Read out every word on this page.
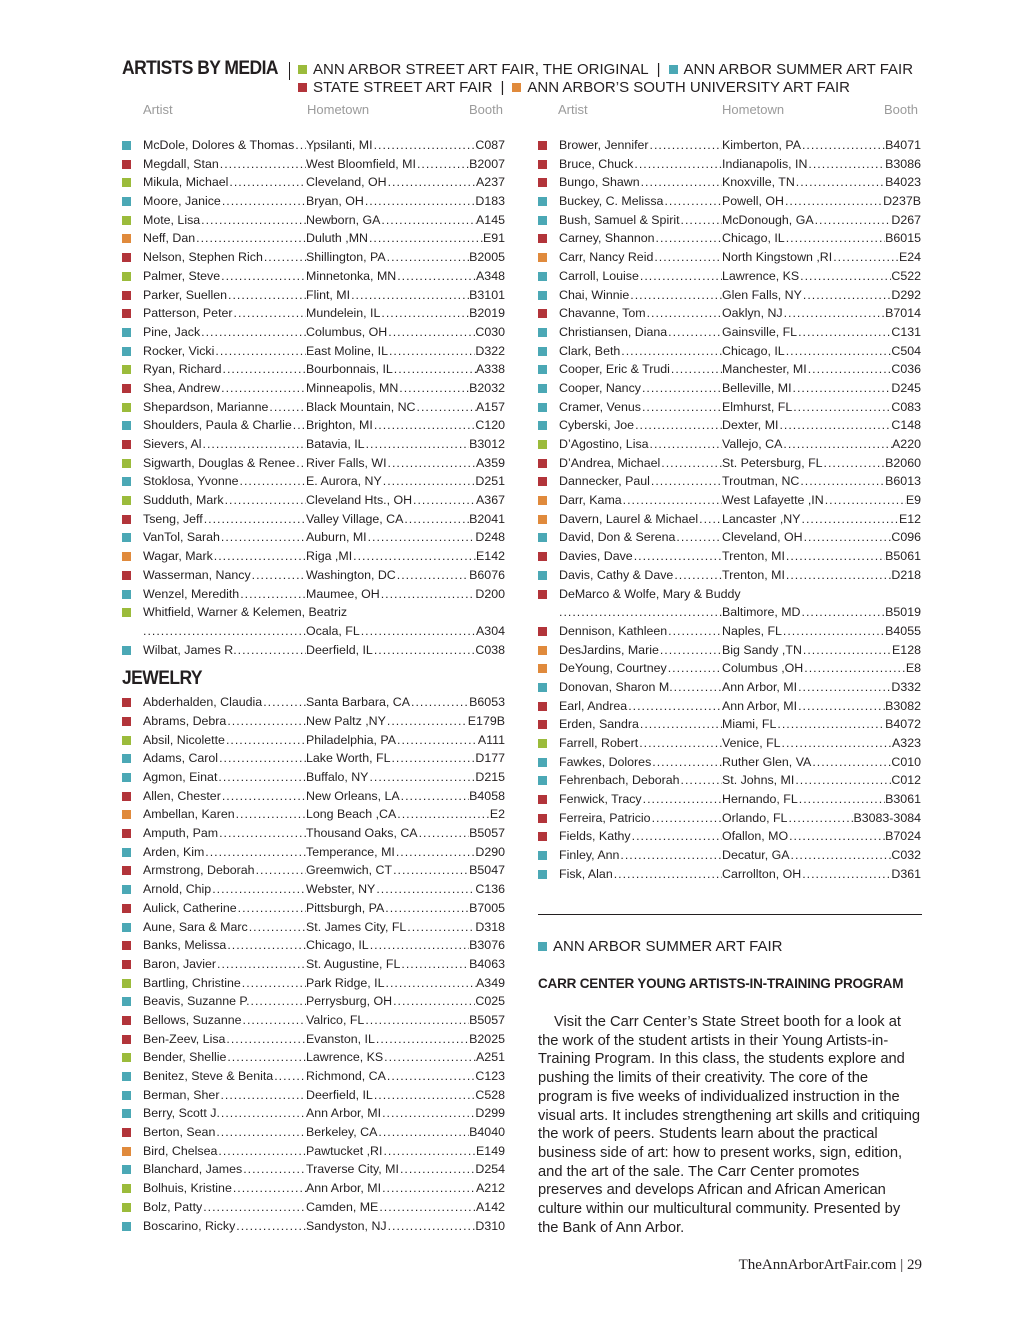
ARTISTS BY MEDIA	ANN ARBOR STREET ART FAIR, THE ORIGINAL | ANN ARBOR SUMMER ART FAIR
STATE STREET ART FAIR | ANN ARBOR’S SOUTH UNIVERSITY ART FAIR
Artist	Hometown	Booth	Artist	Hometown	Booth
McDole, Dolores & Thomas ..... Ypsilanti, MI .....	C087
Megdall, Stan .....	West Bloomfield, MI .....	B2007
Mikula, Michael .....	Cleveland, OH .....	A237
Moore, Janice .....	Bryan, OH .....	D183
Mote, Lisa .....	Newborn, GA .....	A145
Neff, Dan .....	Duluth ,MN .....	E91
Nelson, Stephen Rich .....	Shillington, PA .....	B2005
Palmer, Steve .....	Minnetonka, MN .....	A348
Parker, Suellen .....	Flint, MI .....	B3101
Patterson, Peter .....	Mundelein, IL .....	B2019
Pine, Jack .....	Columbus, OH .....	C030
Rocker, Vicki .....	East Moline, IL .....	D322
Ryan, Richard .....	Bourbonnais, IL .....	A338
Shea, Andrew .....	Minneapolis, MN .....	B2032
Shepardson, Marianne .....	Black Mountain, NC .....	A157
Shoulders, Paula & Charlie ..... Brighton, MI .....	C120
Sievers, Al .....	Batavia, IL .....	B3012
Sigwarth, Douglas & Renee ..... River Falls, WI .....	A359
Stoklosa, Yvonne .....	E. Aurora, NY .....	D251
Sudduth, Mark .....	Cleveland Hts., OH .....	A367
Tseng, Jeff .....	Valley Village, CA .....	B2041
VanTol, Sarah .....	Auburn, MI .....	D248
Wagar, Mark .....	Riga ,MI .....	E142
Wasserman, Nancy .....	Washington, DC .....	B6076
Wenzel, Meredith .....	Maumee, OH .....	D200
Whitfield, Warner & Kelemen, Beatriz
.....
Ocala, FL .....	A304
Wilbat, James R. .....	Deerfield, IL .....	C038
JEWELRY
Abderhalden, Claudia .....	Santa Barbara, CA .....	B6053
Abrams, Debra .....	New Paltz ,NY .....	E179B
Absil, Nicolette .....	Philadelphia, PA .....	A111
Adams, Carol .....	Lake Worth, FL .....	D177
Agmon, Einat .....	Buffalo, NY .....	D215
Allen, Chester .....	New Orleans, LA .....	B4058
Ambellan, Karen .....	Long Beach ,CA .....	E2
Amputh, Pam .....	Thousand Oaks, CA .....	B5057
Arden, Kim .....	Temperance, MI .....	D290
Armstrong, Deborah .....	Greemwich, CT .....	B5047
Arnold, Chip .....	Webster, NY .....	C136
Aulick, Catherine .....	Pittsburgh, PA .....	B7005
Aune, Sara & Marc .....	St. James City, FL .....	D318
Banks, Melissa .....	Chicago, IL .....	B3076
Baron, Javier .....	St. Augustine, FL .....	B4063
Bartling, Christine .....	Park Ridge, IL .....	A349
Beavis, Suzanne P. .....	Perrysburg, OH .....	C025
Bellows, Suzanne .....	Valrico, FL .....	B5057
Ben-Zeev, Lisa .....	Evanston, IL .....	B2025
Bender, Shellie .....	Lawrence, KS .....	A251
Benitez, Steve & Benita .....	Richmond, CA .....	C123
Berman, Sher .....	Deerfield, IL .....	C528
Berry, Scott J. .....	Ann Arbor, MI .....	D299
Berton, Sean .....	Berkeley, CA .....	B4040
Bird, Chelsea .....	Pawtucket ,RI .....	E149
Blanchard, James .....	Traverse City, MI .....	D254
Bolhuis, Kristine .....	Ann Arbor, MI .....	A212
Bolz, Patty .....	Camden, ME .....	A142
Boscarino, Ricky .....	Sandyston, NJ .....	D310
Brower, Jennifer .....	Kimberton, PA .....	B4071
Bruce, Chuck .....	Indianapolis, IN .....	B3086
Bungo, Shawn .....	Knoxville, TN .....	B4023
Buckey, C. Melissa .....	Powell, OH .....	D237B
Bush, Samuel & Spirit .....	McDonough, GA .....	D267
Carney, Shannon .....	Chicago, IL .....	B6015
Carr, Nancy Reid .....	North Kingstown ,RI .....	E24
Carroll, Louise .....	Lawrence, KS .....	C522
Chai, Winnie .....	Glen Falls, NY .....	D292
Chavanne, Tom .....	Oaklyn, NJ .....	B7014
Christiansen, Diana .....	Gainsville, FL .....	C131
Clark, Beth .....	Chicago, IL .....	C504
Cooper, Eric & Trudi .....	Manchester, MI .....	C036
Cooper, Nancy .....	Belleville, MI .....	D245
Cramer, Venus .....	Elmhurst, FL .....	C083
Cyberski, Joe .....	Dexter, MI .....	C148
D’Agostino, Lisa .....	Vallejo, CA .....	A220
D’Andrea, Michael .....	St. Petersburg, FL .....	B2060
Dannecker, Paul .....	Troutman, NC .....	B6013
Darr, Kama .....	West Lafayette ,IN .....	E9
Davern, Laurel & Michael ..... Lancaster ,NY .....	E12
David, Don & Serena .....	Cleveland, OH .....	C096
Davies, Dave .....	Trenton, MI .....	B5061
Davis, Cathy & Dave .....	Trenton, MI .....	D218
DeMarco & Wolfe, Mary & Buddy
.....
Baltimore, MD .....	B5019
Dennison, Kathleen .....	Naples, FL .....	B4055
DesJardins, Marie .....	Big Sandy ,TN .....	E128
DeYoung, Courtney .....	Columbus ,OH .....	E8
Donovan, Sharon M. .....	Ann Arbor, MI .....	D332
Earl, Andrea .....	Ann Arbor, MI .....	B3082
Erden, Sandra .....	Miami, FL .....	B4072
Farrell, Robert .....	Venice, FL .....	A323
Fawkes, Dolores .....	Ruther Glen, VA .....	C010
Fehrenbach, Deborah .....	St. Johns, MI .....	C012
Fenwick, Tracy .....	Hernando, FL .....	B3061
Ferreira, Patricio .....	Orlando, FL .....	B3083-3084
Fields, Kathy .....	Ofallon, MO .....	B7024
Finley, Ann .....	Decatur, GA .....	C032
Fisk, Alan .....	Carrollton, OH .....	D361
ANN ARBOR SUMMER ART FAIR
CARR CENTER YOUNG ARTISTS-IN-TRAINING PROGRAM
Visit the Carr Center’s State Street booth for a look at the work of the student artists in their Young Artists-in-Training Program. In this class, the students explore and pushing the limits of their creativity. The core of the program is five weeks of individualized instruction in the visual arts. It includes strengthening art skills and critiquing the work of peers. Students learn about the practical business side of art: how to present works, sign, edition, and the art of the sale. The Carr Center promotes preserves and develops African and African American culture within our multicultural community. Presented by the Bank of Ann Arbor.
TheAnnArborArtFair.com | 29
